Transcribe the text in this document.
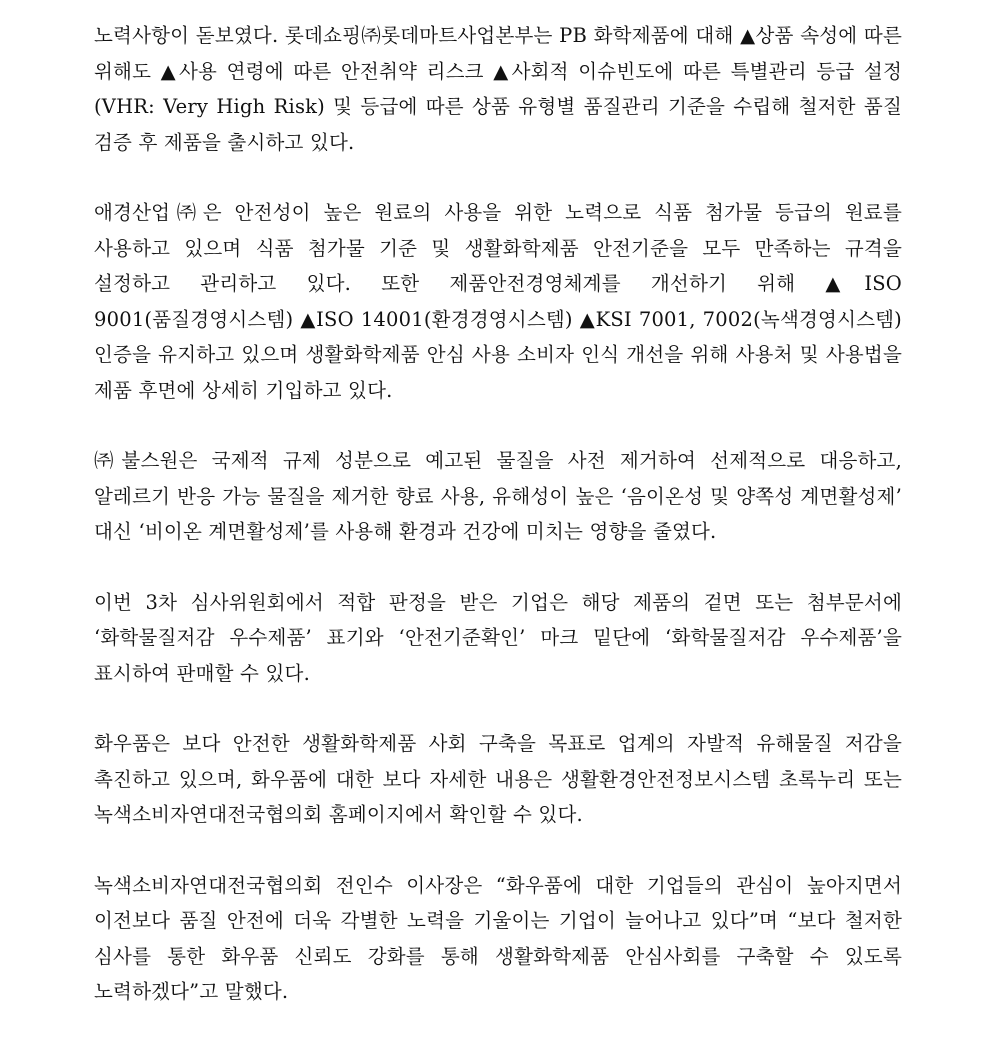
노력사항이 돋보였다. 롯데쇼핑㈜롯데마트사업본부는 PB 화학제품에 대해 ▲상품 속성에 따른 위해도 ▲사용 연령에 따른 안전취약 리스크 ▲사회적 이슈빈도에 따른 특별관리 등급 설정(VHR: Very High Risk) 및 등급에 따른 상품 유형별 품질관리 기준을 수립해 철저한 품질 검증 후 제품을 출시하고 있다.

애경산업㈜은 안전성이 높은 원료의 사용을 위한 노력으로 식품 첨가물 등급의 원료를 사용하고 있으며 식품 첨가물 기준 및 생활화학제품 안전기준을 모두 만족하는 규격을 설정하고 관리하고 있다. 또한 제품안전경영체계를 개선하기 위해 ▲ISO 9001(품질경영시스템) ▲ISO 14001(환경경영시스템) ▲KSI 7001, 7002(녹색경영시스템) 인증을 유지하고 있으며 생활화학제품 안심 사용 소비자 인식 개선을 위해 사용처 및 사용법을 제품 후면에 상세히 기입하고 있다.

㈜불스원은 국제적 규제 성분으로 예고된 물질을 사전 제거하여 선제적으로 대응하고, 알레르기 반응 가능 물질을 제거한 향료 사용, 유해성이 높은 ‘음이온성 및 양쪽성 계면활성제’ 대신 ‘비이온 계면활성제’를 사용해 환경과 건강에 미치는 영향을 줄였다.

이번 3차 심사위원회에서 적합 판정을 받은 기업은 해당 제품의 겉면 또는 첨부문서에 ‘화학물질저감 우수제품’ 표기와 ‘안전기준확인’ 마크 밑단에 ‘화학물질저감 우수제품’을 표시하여 판매할 수 있다.

화우품은 보다 안전한 생활화학제품 사회 구축을 목표로 업계의 자발적 유해물질 저감을 촉진하고 있으며, 화우품에 대한 보다 자세한 내용은 생활환경안전정보시스템 초록누리 또는 녹색소비자연대전국협의회 홈페이지에서 확인할 수 있다.

녹색소비자연대전국협의회 전인수 이사장은 “화우품에 대한 기업들의 관심이 높아지면서 이전보다 품질 안전에 더욱 각별한 노력을 기울이는 기업이 늘어나고 있다”며 “보다 철저한 심사를 통한 화우품 신뢰도 강화를 통해 생활화학제품 안심사회를 구축할 수 있도록 노력하겠다”고 말했다.
